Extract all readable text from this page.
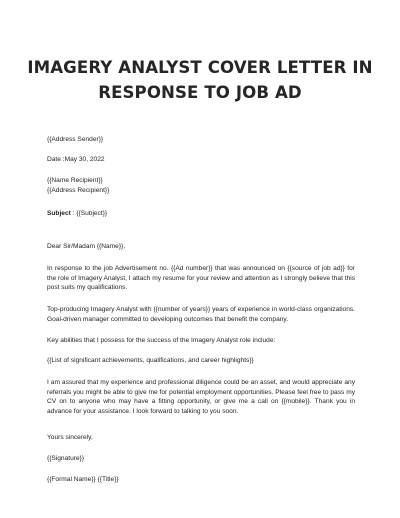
IMAGERY ANALYST COVER LETTER IN
RESPONSE TO JOB AD
{{Address Sender}}
Date :May 30, 2022
{{Name Recipient}}
{{Address Recipient}}
Subject : {{Subject}}
Dear Sir/Madam {{Name}},
In response to the job Advertisement no. {{Ad number}} that was announced on {{source of job ad}} for the role of Imagery Analyst, I attach my resume for your review and attention as I strongly believe that this post suits my qualifications.
Top-producing Imagery Analyst with {{number of years}} years of experience in world-class organizations. Goal-driven manager committed to developing outcomes that benefit the company.
Key abilities that I possess for the success of the Imagery Analyst role include:
{{List of significant achievements, qualifications, and career highlights}}
I am assured that my experience and professional diligence could be an asset, and would appreciate any referrals you might be able to give me for potential employment opportunities. Please feel free to pass my CV on to anyone who may have a fitting opportunity, or give me a call on {{mobile}}. Thank you in advance for your assistance. I look forward to talking to you soon.
Yours sincerely,
{{Signature}}
{{Formal Name}} {{Title}}
